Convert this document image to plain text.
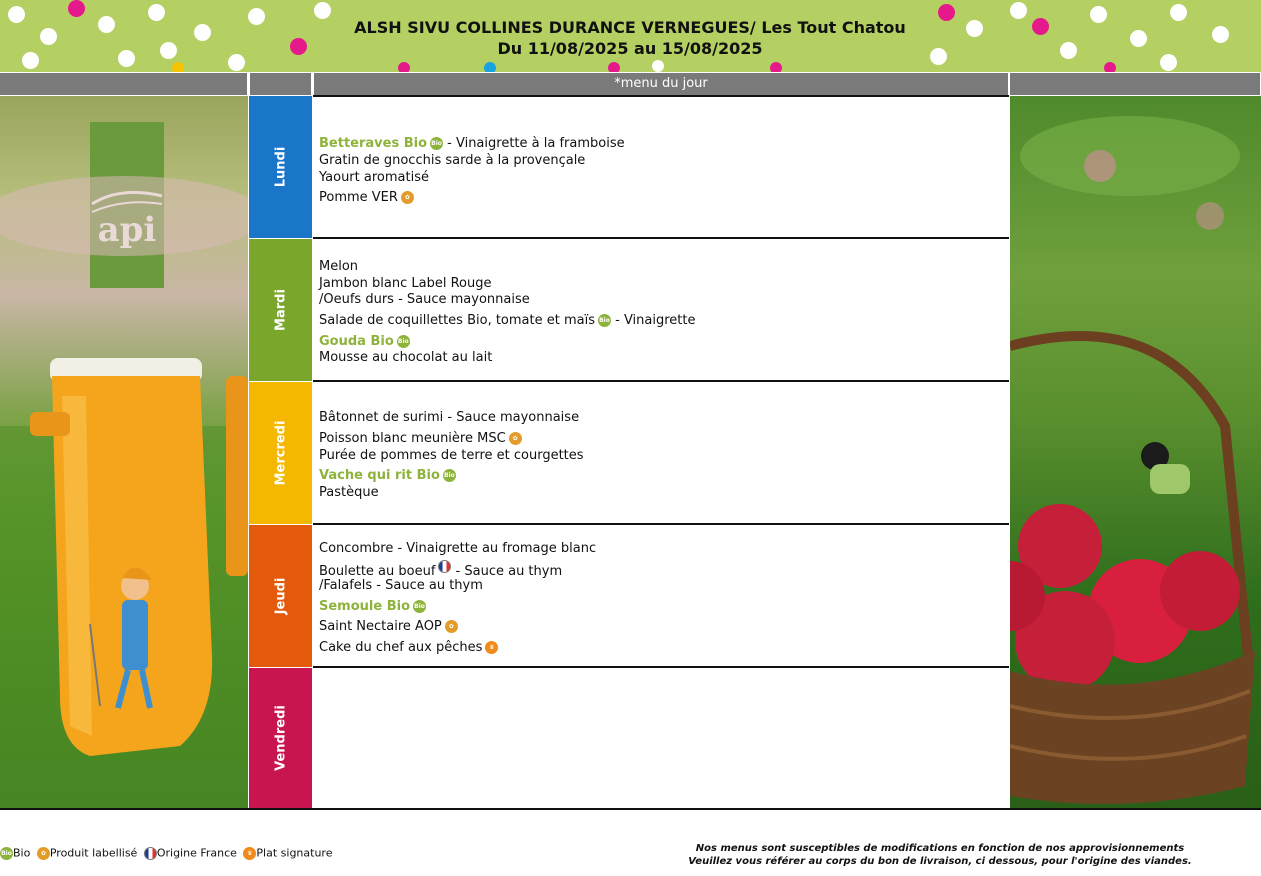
ALSH SIVU COLLINES DURANCE VERNEGUES/ Les Tout Chatou
Du 11/08/2025 au 15/08/2025
*menu du jour
Lundi
Mardi
Mercredi
Jeudi
Vendredi
Betteraves Bio Bio - Vinaigrette à la framboise
Gratin de gnocchis sarde à la provençale
Yaourt aromatisé
Pomme VER ✿
Melon
Jambon blanc Label Rouge
/Oeufs durs - Sauce mayonnaise
Salade de coquillettes Bio, tomate et maïs Bio - Vinaigrette
Gouda Bio Bio
Mousse au chocolat au lait
Bâtonnet de surimi - Sauce mayonnaise
Poisson blanc meunière MSC ✿
Purée de pommes de terre et courgettes
Vache qui rit Bio Bio
Pastèque
Concombre - Vinaigrette au fromage blanc
Boulette au boeuf - Sauce au thym
/Falafels - Sauce au thym
Semoule Bio Bio
Saint Nectaire AOP ✿
Cake du chef aux pêches ♛
BioBio ✿ Produit labellisé Origine France ♛ Plat signature	Nos menus sont susceptibles de modifications en fonction de nos approvisionnements
Veuillez vous référer au corps du bon de livraison, ci dessous, pour l'origine des viandes.
